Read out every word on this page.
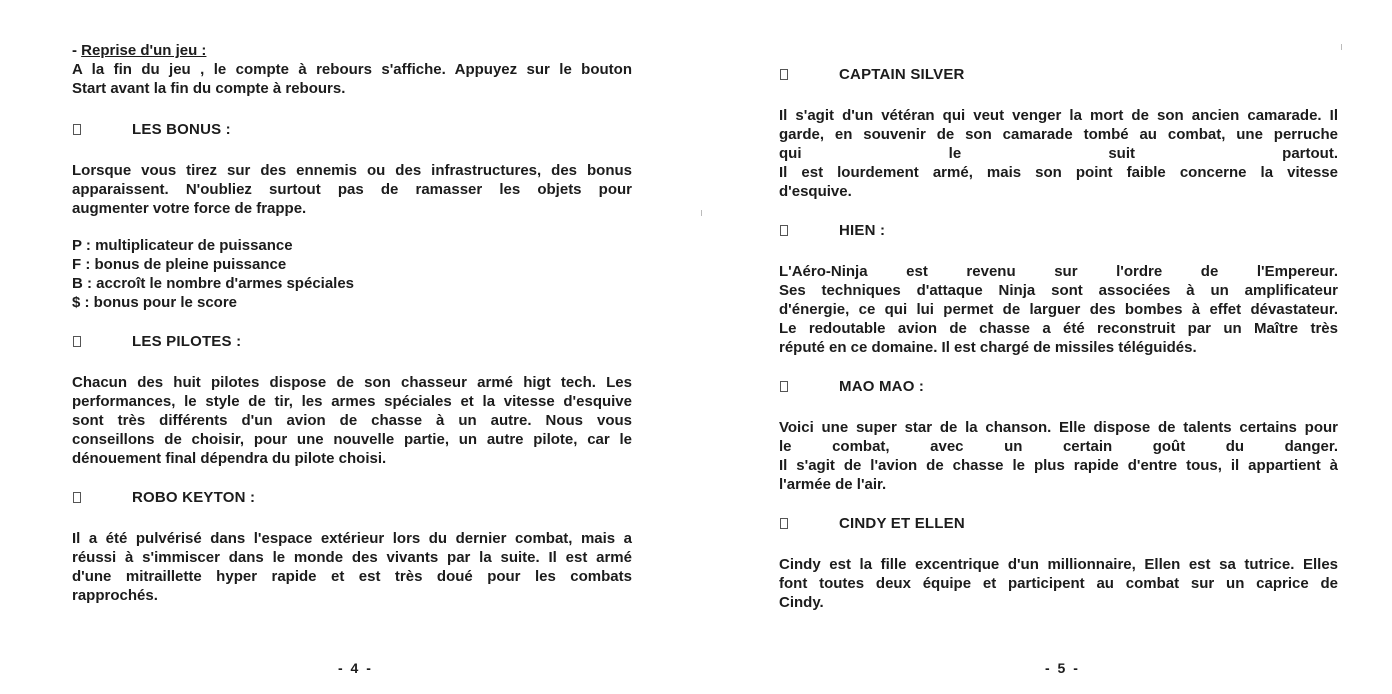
- Reprise d'un jeu :

A la fin du jeu , le compte à rebours s'affiche. Appuyez sur le bouton

Start avant la fin du compte à rebours.

LES BONUS :

Lorsque vous tirez sur des ennemis ou des infrastructures, des bonus

apparaissent. N'oubliez surtout pas de ramasser les objets pour

augmenter votre force de frappe.

P : multiplicateur de puissance
F : bonus de pleine puissance
B : accroît le nombre d'armes spéciales
$ : bonus pour le score
LES PILOTES :

Chacun des huit pilotes dispose de son chasseur armé higt tech. Les

performances, le style de tir, les armes spéciales et la vitesse d'esquive

sont très différents d'un avion de chasse à un autre. Nous vous

conseillons de choisir, pour une nouvelle partie, un autre pilote, car le

dénouement final dépendra du pilote choisi.

ROBO KEYTON :

Il a été pulvérisé dans l'espace extérieur lors du dernier combat, mais a

réussi à s'immiscer dans le monde des vivants par la suite. Il est armé

d'une mitraillette hyper rapide et est très doué pour les combats

rapprochés.

- 4 -
CAPTAIN SILVER

Il s'agit d'un vétéran qui veut venger la mort de son ancien camarade. Il

garde, en souvenir de son camarade tombé au combat, une perruche

qui le suit partout.

Il est lourdement armé, mais son point faible concerne la vitesse

d'esquive.

HIEN :

L'Aéro-Ninja est revenu sur l'ordre de l'Empereur.

Ses techniques d'attaque Ninja sont associées à un amplificateur

d'énergie, ce qui lui permet de larguer des bombes à effet dévastateur.

Le redoutable avion de chasse a été reconstruit par un Maître très

réputé en ce domaine. Il est chargé de missiles téléguidés.

MAO MAO :

Voici une super star de la chanson. Elle dispose de talents certains pour

le combat, avec un certain goût du danger.

Il s'agit de l'avion de chasse le plus rapide d'entre tous, il appartient à

l'armée de l'air.

CINDY ET ELLEN

Cindy est la fille excentrique d'un millionnaire, Ellen est sa tutrice. Elles

font toutes deux équipe et participent au combat sur un caprice de

Cindy.

- 5 -
